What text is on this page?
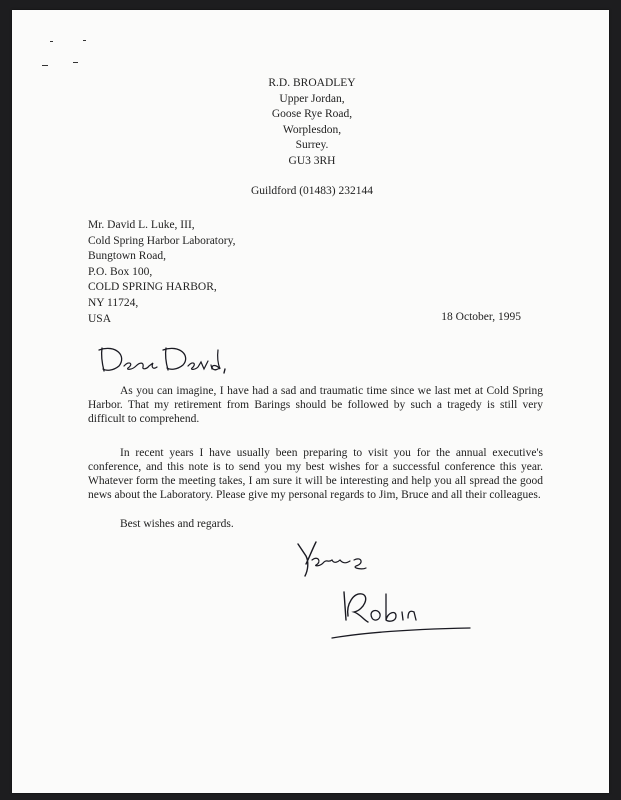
R.D. BROADLEY
Upper Jordan,
Goose Rye Road,
Worplesdon,
Surrey.
GU3 3RH
Guildford (01483) 232144
Mr. David L. Luke, III,
Cold Spring Harbor Laboratory,
Bungtown Road,
P.O. Box 100,
COLD SPRING HARBOR,
NY 11724,
USA	18 October, 1995

As you can imagine, I have had a sad and traumatic time since we last met at Cold Spring Harbor. That my retirement from Barings should be followed by such a tragedy is still very difficult to comprehend.

In recent years I have usually been preparing to visit you for the annual executive's conference, and this note is to send you my best wishes for a successful conference this year. Whatever form the meeting takes, I am sure it will be interesting and help you all spread the good news about the Laboratory. Please give my personal regards to Jim, Bruce and all their colleagues.

Best wishes and regards.
